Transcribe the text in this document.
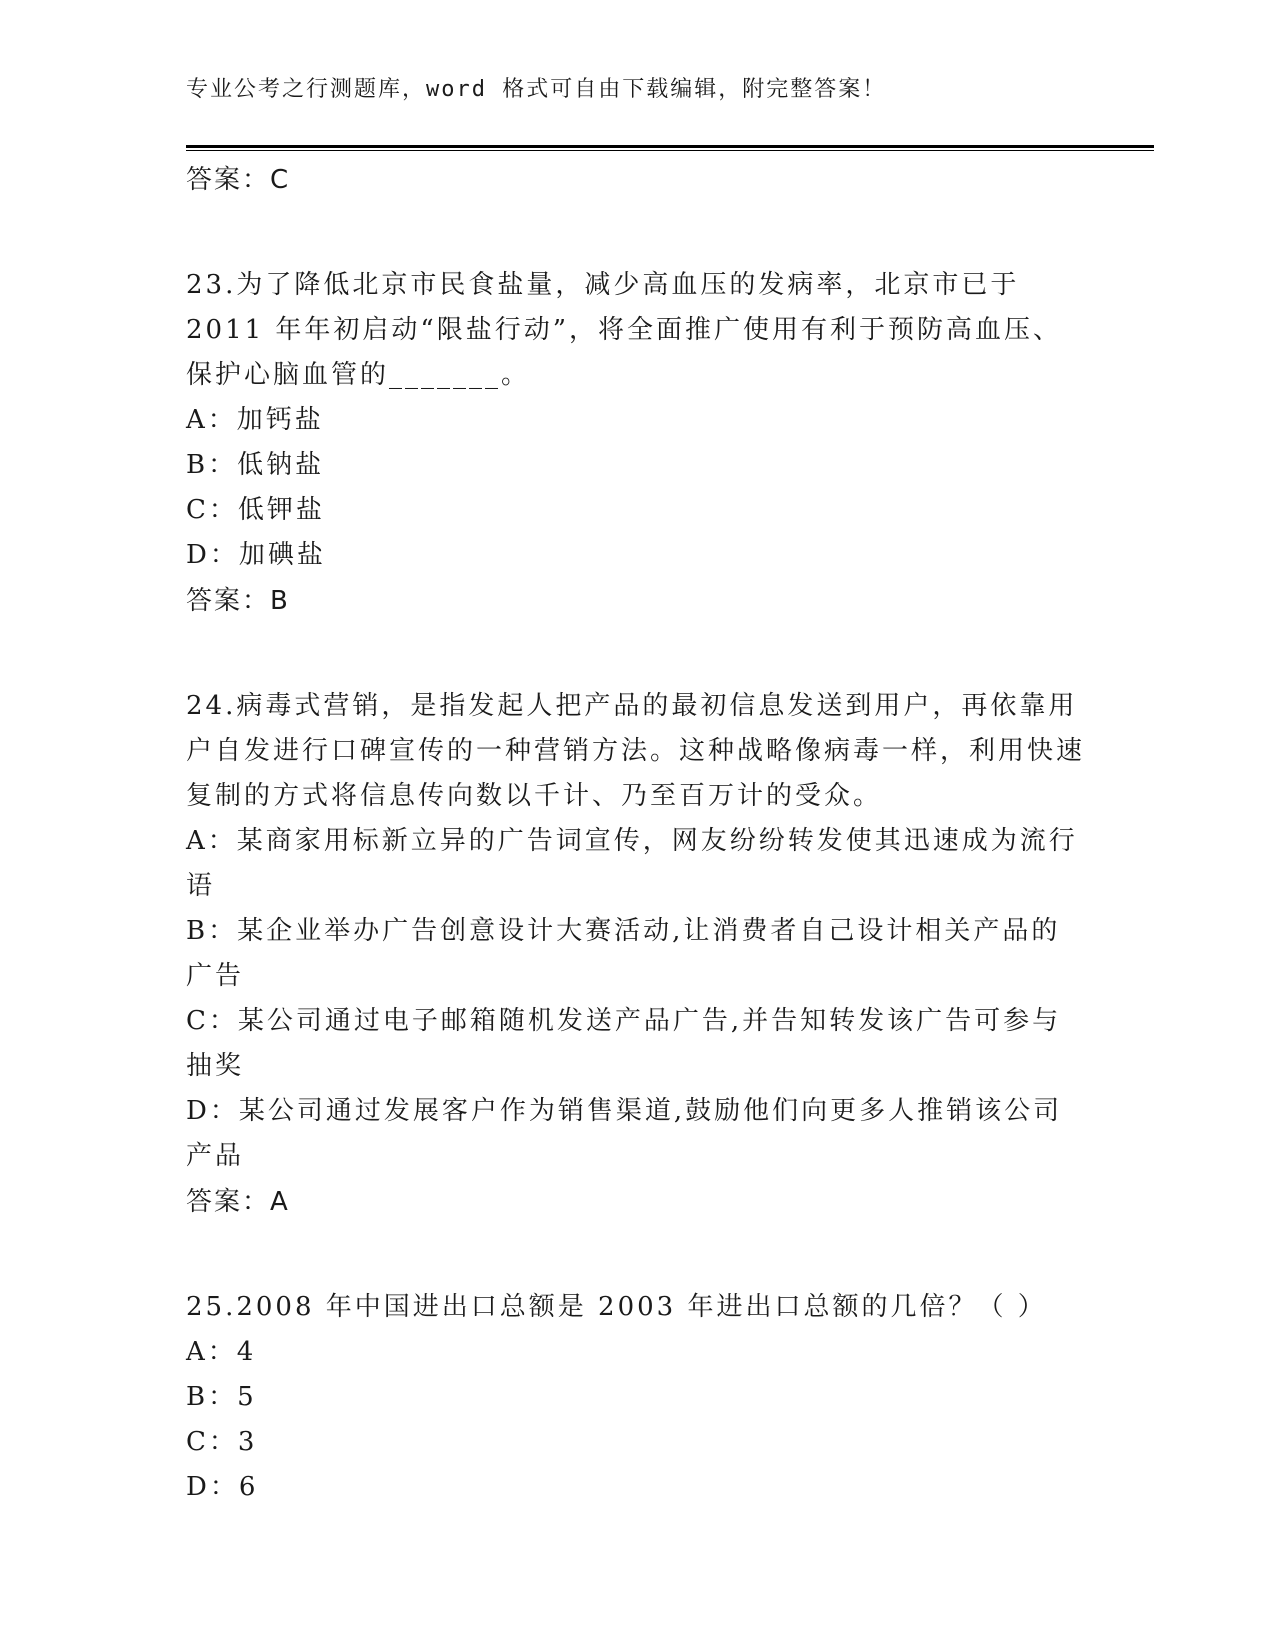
专业公考之行测题库，word 格式可自由下载编辑，附完整答案！
答案：C
23.为了降低北京市民食盐量，减少高血压的发病率，北京市已于 2011 年年初启动“限盐行动”，将全面推广使用有利于预防高血压、保护心脑血管的_______。
A：加钙盐
B：低钠盐
C：低钾盐
D：加碘盐
答案：B
24.病毒式营销，是指发起人把产品的最初信息发送到用户，再依靠用户自发进行口碑宣传的一种营销方法。这种战略像病毒一样，利用快速复制的方式将信息传向数以千计、乃至百万计的受众。
A：某商家用标新立异的广告词宣传，网友纷纷转发使其迅速成为流行语
B：某企业举办广告创意设计大赛活动,让消费者自己设计相关产品的广告
C：某公司通过电子邮箱随机发送产品广告,并告知转发该广告可参与抽奖
D：某公司通过发展客户作为销售渠道,鼓励他们向更多人推销该公司产品
答案：A
25.2008 年中国进出口总额是 2003 年进出口总额的几倍？（ ）
A：4
B：5
C：3
D：6
